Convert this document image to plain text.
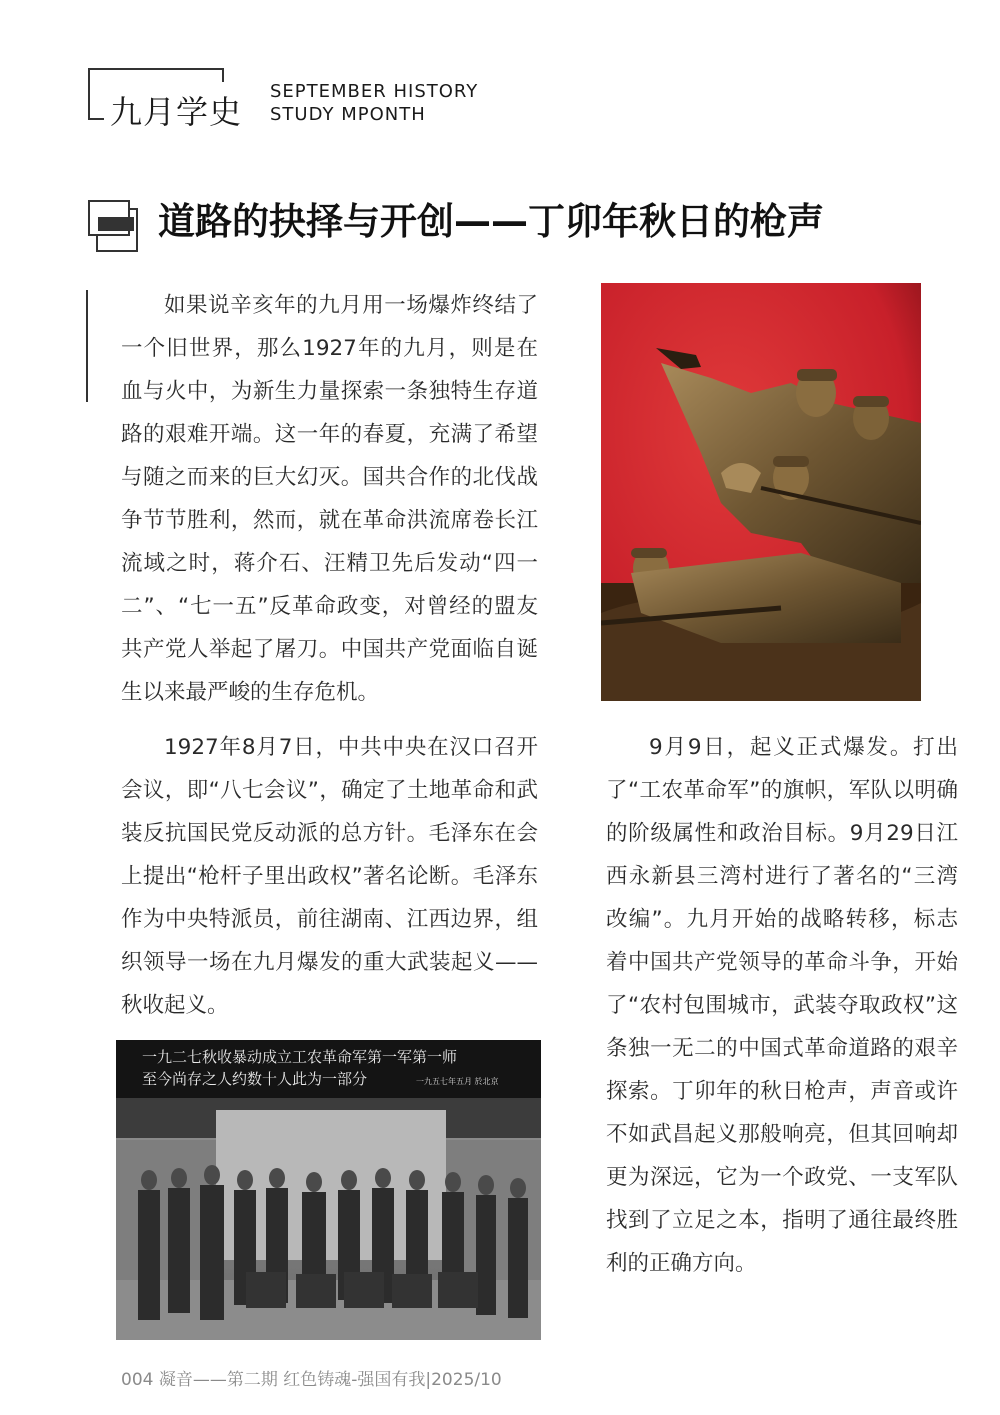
九月学史
SEPTEMBER HISTORY
STUDY MPONTH
道路的抉择与开创——丁卯年秋日的枪声
如果说辛亥年的九月用一场爆炸终结了一个旧世界，那么1927年的九月，则是在血与火中，为新生力量探索一条独特生存道路的艰难开端。这一年的春夏，充满了希望与随之而来的巨大幻灭。国共合作的北伐战争节节胜利，然而，就在革命洪流席卷长江流域之时，蒋介石、汪精卫先后发动“四一二”、“七一五”反革命政变，对曾经的盟友共产党人举起了屠刀。中国共产党面临自诞生以来最严峻的生存危机。
1927年8月7日，中共中央在汉口召开会议，即“八七会议”，确定了土地革命和武装反抗国民党反动派的总方针。毛泽东在会上提出“枪杆子里出政权”著名论断。毛泽东作为中央特派员，前往湖南、江西边界，组织领导一场在九月爆发的重大武装起义——秋收起义。
9月9日，起义正式爆发。打出了“工农革命军”的旗帜，军队以明确的阶级属性和政治目标。9月29日江西永新县三湾村进行了著名的“三湾改编”。九月开始的战略转移，标志着中国共产党领导的革命斗争，开始了“农村包围城市，武装夺取政权”这条独一无二的中国式革命道路的艰辛探索。丁卯年的秋日枪声，声音或许不如武昌起义那般响亮，但其回响却更为深远，它为一个政党、一支军队找到了立足之本，指明了通往最终胜利的正确方向。
一九二七秋收暴动成立工农革命军第一军第一师
至今尚存之人约数十人此为一部分	一九五七年五月 於北京
004 凝音——第二期 红色铸魂-强国有我|2025/10
